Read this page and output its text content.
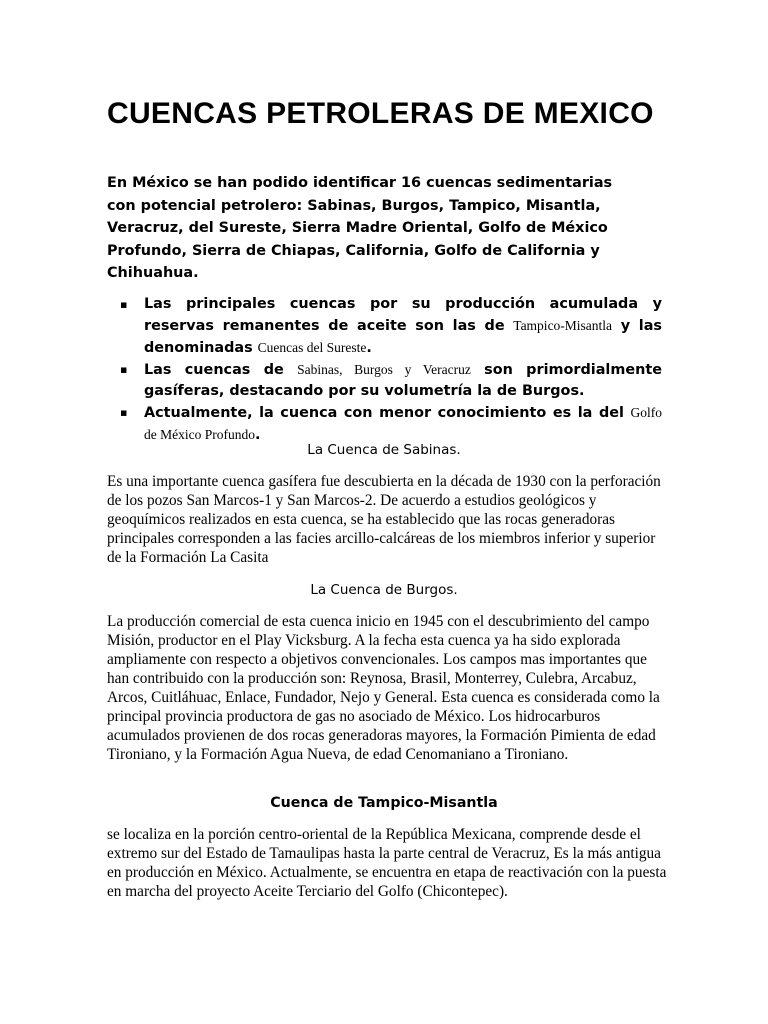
CUENCAS PETROLERAS DE MEXICO

En México se han podido identificar 16 cuencas sedimentarias con potencial petrolero: Sabinas, Burgos, Tampico, Misantla, Veracruz, del Sureste, Sierra Madre Oriental, Golfo de México Profundo, Sierra de Chiapas, California, Golfo de California y Chihuahua.

▪ Las principales cuencas por su producción acumulada y reservas remanentes de aceite son las de Tampico-Misantla y las denominadas Cuencas del Sureste.
▪ Las cuencas de Sabinas, Burgos y Veracruz son primordialmente gasíferas, destacando por su volumetría la de Burgos.
▪ Actualmente, la cuenca con menor conocimiento es la del Golfo de México Profundo.
La Cuenca de Sabinas.

Es una importante cuenca gasífera fue descubierta en la década de 1930 con la perforación de los pozos San Marcos-1 y San Marcos-2. De acuerdo a estudios geológicos y geoquímicos realizados en esta cuenca, se ha establecido que las rocas generadoras principales corresponden a las facies arcillo-calcáreas de los miembros inferior y superior de la Formación La Casita

La Cuenca de Burgos.

La producción comercial de esta cuenca inicio en 1945 con el descubrimiento del campo Misión, productor en el Play Vicksburg. A la fecha esta cuenca ya ha sido explorada ampliamente con respecto a objetivos convencionales. Los campos mas importantes que han contribuido con la producción son: Reynosa, Brasil, Monterrey, Culebra, Arcabuz, Arcos, Cuitláhuac, Enlace, Fundador, Nejo y General. Esta cuenca es considerada como la principal provincia productora de gas no asociado de México. Los hidrocarburos acumulados provienen de dos rocas generadoras mayores, la Formación Pimienta de edad Tironiano, y la Formación Agua Nueva, de edad Cenomaniano a Tironiano.

Cuenca de Tampico-Misantla

se localiza en la porción centro-oriental de la República Mexicana, comprende desde el extremo sur del Estado de Tamaulipas hasta la parte central de Veracruz, Es la más antigua en producción en México. Actualmente, se encuentra en etapa de reactivación con la puesta en marcha del proyecto Aceite Terciario del Golfo (Chicontepec).
